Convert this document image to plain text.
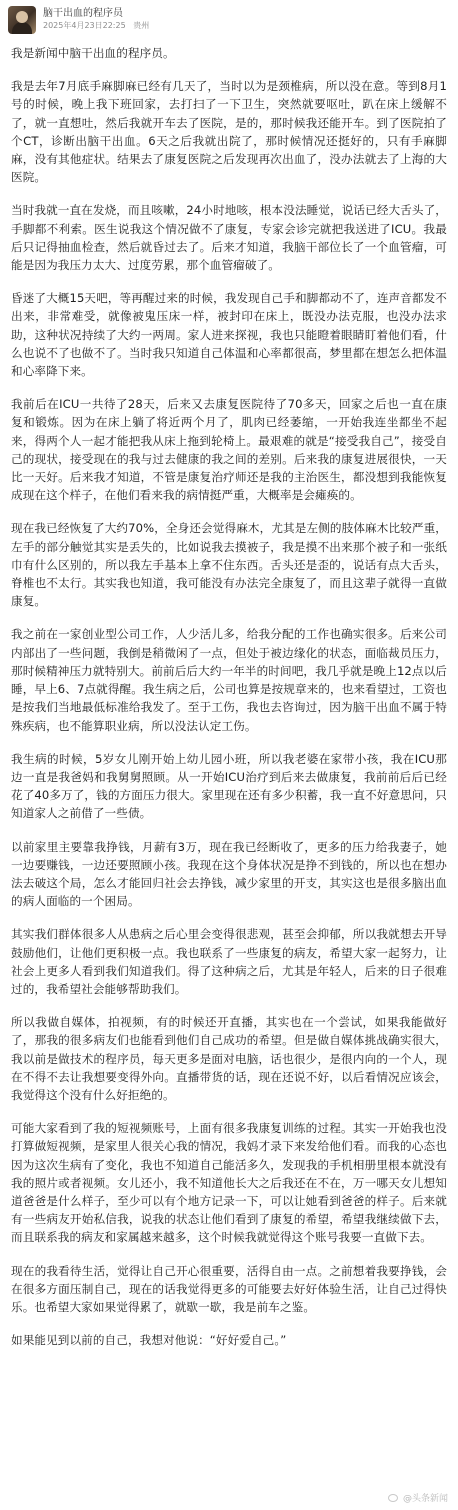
脑干出血的程序员
2025年4月23日22:25 贵州

我是新闻中脑干出血的程序员。

我是去年7月底手麻脚麻已经有几天了，当时以为是颈椎病，所以没在意。等到8月1号的时候，晚上我下班回家，去打扫了一下卫生，突然就要呕吐，趴在床上缓解不了，就一直想吐，然后我就开车去了医院，是的，那时候我还能开车。到了医院拍了个CT，诊断出脑干出血。6天之后我就出院了，那时候情况还挺好的，只有手麻脚麻，没有其他症状。结果去了康复医院之后发现再次出血了，没办法就去了上海的大医院。

当时我就一直在发烧，而且咳嗽，24小时地咳，根本没法睡觉，说话已经大舌头了，手脚都不利索。医生说我这个情况做不了康复，专家会诊完就把我送进了ICU。我最后只记得抽血检查，然后就昏过去了。后来才知道，我脑干部位长了一个血管瘤，可能是因为我压力太大、过度劳累，那个血管瘤破了。

昏迷了大概15天吧，等再醒过来的时候，我发现自己手和脚都动不了，连声音都发不出来，非常难受，就像被鬼压床一样，被封印在床上，既没办法克服，也没办法求助，这种状况持续了大约一两周。家人进来探视，我也只能瞪着眼睛盯着他们看，什么也说不了也做不了。当时我只知道自己体温和心率都很高，梦里都在想怎么把体温和心率降下来。

我前后在ICU一共待了28天，后来又去康复医院待了70多天，回家之后也一直在康复和锻炼。因为在床上躺了将近两个月了，肌肉已经萎缩，一开始我连坐都坐不起来，得两个人一起才能把我从床上拖到轮椅上。最艰难的就是“接受我自己”，接受自己的现状，接受现在的我与过去健康的我之间的差别。后来我的康复进展很快，一天比一天好。后来我才知道，不管是康复治疗师还是我的主治医生，都没想到我能恢复成现在这个样子，在他们看来我的病情挺严重，大概率是会瘫痪的。

现在我已经恢复了大约70%，全身还会觉得麻木，尤其是左侧的肢体麻木比较严重，左手的部分触觉其实是丢失的，比如说我去摸被子，我是摸不出来那个被子和一张纸巾有什么区别的，所以我左手基本上拿不住东西。舌头还是歪的，说话有点大舌头，脊椎也不太行。其实我也知道，我可能没有办法完全康复了，而且这辈子就得一直做康复。

我之前在一家创业型公司工作，人少活儿多，给我分配的工作也确实很多。后来公司内部出了一些问题，我倒是稍微闲了一点，但处于被边缘化的状态，面临裁员压力，那时候精神压力就特别大。前前后后大约一年半的时间吧，我几乎就是晚上12点以后睡，早上6、7点就得醒。我生病之后，公司也算是按规章来的，也来看望过，工资也是按我们当地最低标准给我发了。至于工伤，我也去咨询过，因为脑干出血不属于特殊疾病，也不能算职业病，所以没法认定工伤。

我生病的时候，5岁女儿刚开始上幼儿园小班，所以我老婆在家带小孩，我在ICU那边一直是我爸妈和我舅舅照顾。从一开始ICU治疗到后来去做康复，我前前后后已经花了40多万了，钱的方面压力很大。家里现在还有多少积蓄，我一直不好意思问，只知道家人之前借了一些债。

以前家里主要靠我挣钱，月薪有3万，现在我已经断收了，更多的压力给我妻子，她一边要赚钱，一边还要照顾小孩。我现在这个身体状况是挣不到钱的，所以也在想办法去破这个局，怎么才能回归社会去挣钱，减少家里的开支，其实这也是很多脑出血的病人面临的一个困局。

其实我们群体很多人从患病之后心里会变得很悲观，甚至会抑郁，所以我就想去开导鼓励他们，让他们更积极一点。我也联系了一些康复的病友，希望大家一起努力，让社会上更多人看到我们知道我们。得了这种病之后，尤其是年轻人，后来的日子很难过的，我希望社会能够帮助我们。

所以我做自媒体，拍视频，有的时候还开直播，其实也在一个尝试，如果我能做好了，那我的很多病友们也能看到他们自己成功的希望。但是做自媒体挑战确实很大，我以前是做技术的程序员，每天更多是面对电脑，话也很少，是很内向的一个人，现在不得不去让我想要变得外向。直播带货的话，现在还说不好，以后看情况应该会，我觉得这个没有什么好拒绝的。

可能大家看到了我的短视频账号，上面有很多我康复训练的过程。其实一开始我也没打算做短视频，是家里人很关心我的情况，我妈才录下来发给他们看。而我的心态也因为这次生病有了变化，我也不知道自己能活多久，发现我的手机相册里根本就没有我的照片或者视频。女儿还小，我不知道他长大之后我还在不在，万一哪天女儿想知道爸爸是什么样子，至少可以有个地方记录一下，可以让她看到爸爸的样子。后来就有一些病友开始私信我，说我的状态让他们看到了康复的希望，希望我继续做下去，而且联系我的病友和家属越来越多，这个时候我就觉得这个账号我要一直做下去。

现在的我看待生活，觉得让自己开心很重要，活得自由一点。之前想着我要挣钱，会在很多方面压制自己，现在的话我觉得更多的可能要去好好体验生活，让自己过得快乐。也希望大家如果觉得累了，就歇一歇，我是前车之鉴。

如果能见到以前的自己，我想对他说：“好好爱自己。”

@头条新闻
